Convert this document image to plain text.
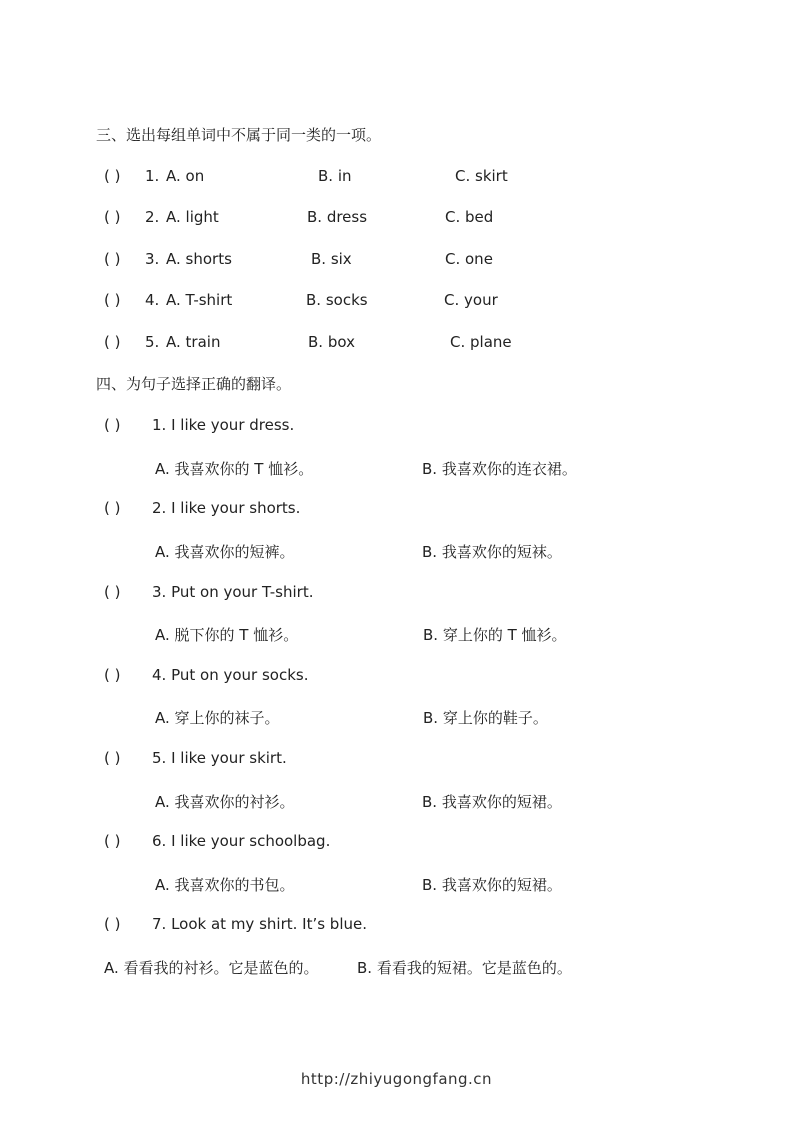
三、选出每组单词中不属于同一类的一项。
( ) 1. A. on	B. in	C. skirt
( ) 2. A. light	B. dress	C. bed
( ) 3. A. shorts	B. six	C. one
( ) 4. A. T-shirt	B. socks	C. your
( ) 5. A. train	B. box	C. plane
四、为句子选择正确的翻译。
( ) 1. I like your dress.
A. 我喜欢你的 T 恤衫。	B. 我喜欢你的连衣裙。
( ) 2. I like your shorts.
A. 我喜欢你的短裤。	B. 我喜欢你的短袜。
( ) 3. Put on your T-shirt.
A. 脱下你的 T 恤衫。	B. 穿上你的 T 恤衫。
( ) 4. Put on your socks.
A. 穿上你的袜子。	B. 穿上你的鞋子。
( ) 5. I like your skirt.
A. 我喜欢你的衬衫。	B. 我喜欢你的短裙。
( ) 6. I like your schoolbag.
A. 我喜欢你的书包。	B. 我喜欢你的短裙。
( ) 7. Look at my shirt. It’s blue.
A. 看看我的衬衫。它是蓝色的。	B. 看看我的短裙。它是蓝色的。
http://zhiyugongfang.cn
